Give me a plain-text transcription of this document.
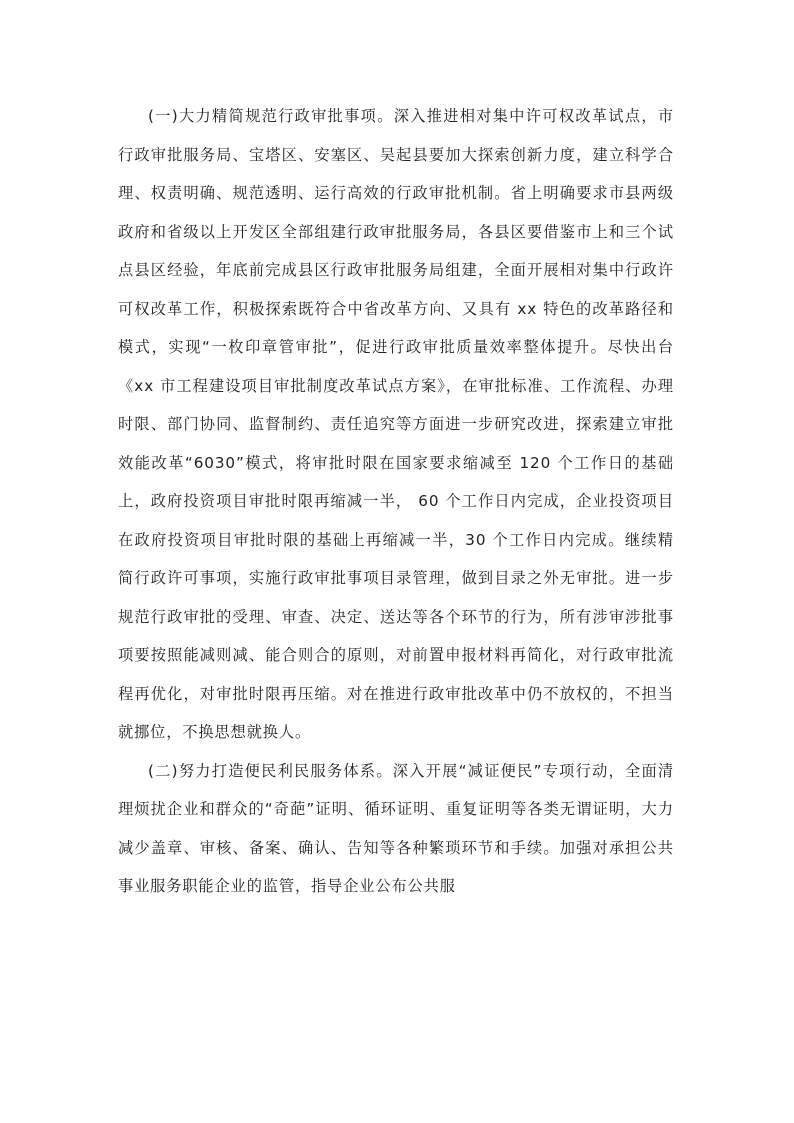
(一)大力精简规范行政审批事项。深入推进相对集中许可权改革试点，市行政审批服务局、宝塔区、安塞区、吴起县要加大探索创新力度，建立科学合理、权责明确、规范透明、运行高效的行政审批机制。省上明确要求市县两级政府和省级以上开发区全部组建行政审批服务局，各县区要借鉴市上和三个试点县区经验，年底前完成县区行政审批服务局组建，全面开展相对集中行政许可权改革工作，积极探索既符合中省改革方向、又具有 xx 特色的改革路径和模式，实现“一枚印章管审批”，促进行政审批质量效率整体提升。尽快出台《xx 市工程建设项目审批制度改革试点方案》，在审批标准、工作流程、办理时限、部门协同、监督制约、责任追究等方面进一步研究改进，探索建立审批效能改革“6030”模式，将审批时限在国家要求缩减至 120 个工作日的基础上，政府投资项目审批时限再缩减一半， 60 个工作日内完成，企业投资项目在政府投资项目审批时限的基础上再缩减一半，30 个工作日内完成。继续精简行政许可事项，实施行政审批事项目录管理，做到目录之外无审批。进一步规范行政审批的受理、审查、决定、送达等各个环节的行为，所有涉审涉批事项要按照能减则减、能合则合的原则，对前置申报材料再简化，对行政审批流程再优化，对审批时限再压缩。对在推进行政审批改革中仍不放权的，不担当就挪位，不换思想就换人。

(二)努力打造便民利民服务体系。深入开展“减证便民”专项行动，全面清理烦扰企业和群众的“奇葩”证明、循环证明、重复证明等各类无谓证明，大力减少盖章、审核、备案、确认、告知等各种繁琐环节和手续。加强对承担公共事业服务职能企业的监管，指导企业公布公共服
